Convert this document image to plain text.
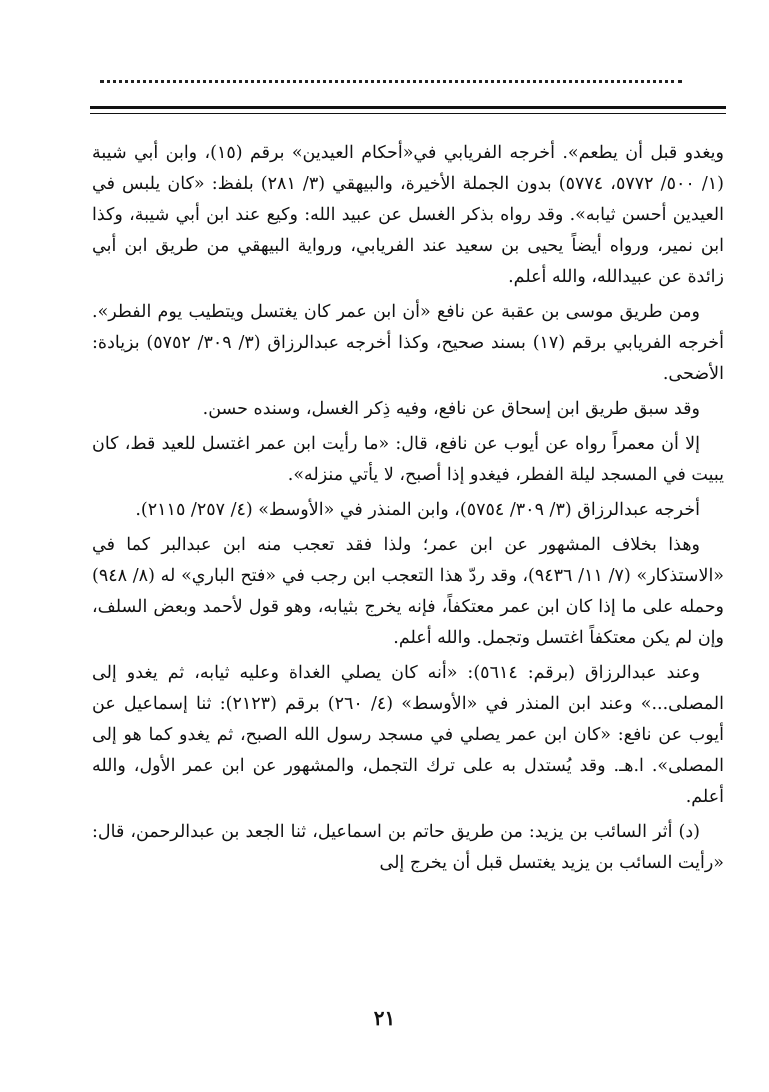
ويغدو قبل أن يطعم». أخرجه الفريابي في«أحكام العيدين» برقم (١٥)، وابن أبي شيبة (١/ ٥٠٠/ ٥٧٧٢، ٥٧٧٤) بدون الجملة الأخيرة، والبيهقي (٣/ ٢٨١) بلفظ: «كان يلبس في العيدين أحسن ثيابه». وقد رواه بذكر الغسل عن عبيد الله: وكيع عند ابن أبي شيبة، وكذا ابن نمير، ورواه أيضاً يحيى بن سعيد عند الفريابي، ورواية البيهقي من طريق ابن أبي زائدة عن عبيدالله، والله أعلم.

ومن طريق موسى بن عقبة عن نافع «أن ابن عمر كان يغتسل ويتطيب يوم الفطر». أخرجه الفريابي برقم (١٧) بسند صحيح، وكذا أخرجه عبدالرزاق (٣/ ٣٠٩/ ٥٧٥٢) بزيادة: الأضحى.

وقد سبق طريق ابن إسحاق عن نافع، وفيه ذِكر الغسل، وسنده حسن.

إلا أن معمراً رواه عن أيوب عن نافع، قال: «ما رأيت ابن عمر اغتسل للعيد قط، كان يبيت في المسجد ليلة الفطر، فيغدو إذا أصبح، لا يأتي منزله».

أخرجه عبدالرزاق (٣/ ٣٠٩/ ٥٧٥٤)، وابن المنذر في «الأوسط» (٤/ ٢٥٧/ ٢١١٥).

وهذا بخلاف المشهور عن ابن عمر؛ ولذا فقد تعجب منه ابن عبدالبر كما في «الاستذكار» (٧/ ١١/ ٩٤٣٦)، وقد ردّ هذا التعجب ابن رجب في «فتح الباري» له (٨/ ٩٤٨) وحمله على ما إذا كان ابن عمر معتكفاً، فإنه يخرج بثيابه، وهو قول لأحمد وبعض السلف، وإن لم يكن معتكفاً اغتسل وتجمل. والله أعلم.

وعند عبدالرزاق (برقم: ٥٦١٤): «أنه كان يصلي الغداة وعليه ثيابه، ثم يغدو إلى المصلى...» وعند ابن المنذر في «الأوسط» (٤/ ٢٦٠) برقم (٢١٢٣): ثنا إسماعيل عن أيوب عن نافع: «كان ابن عمر يصلي في مسجد رسول الله الصبح، ثم يغدو كما هو إلى المصلى». ا.هـ. وقد يُستدل به على ترك التجمل، والمشهور عن ابن عمر الأول، والله أعلم.

(د) أثر السائب بن يزيد: من طريق حاتم بن اسماعيل، ثنا الجعد بن عبدالرحمن، قال: «رأيت السائب بن يزيد يغتسل قبل أن يخرج إلى

٢١
